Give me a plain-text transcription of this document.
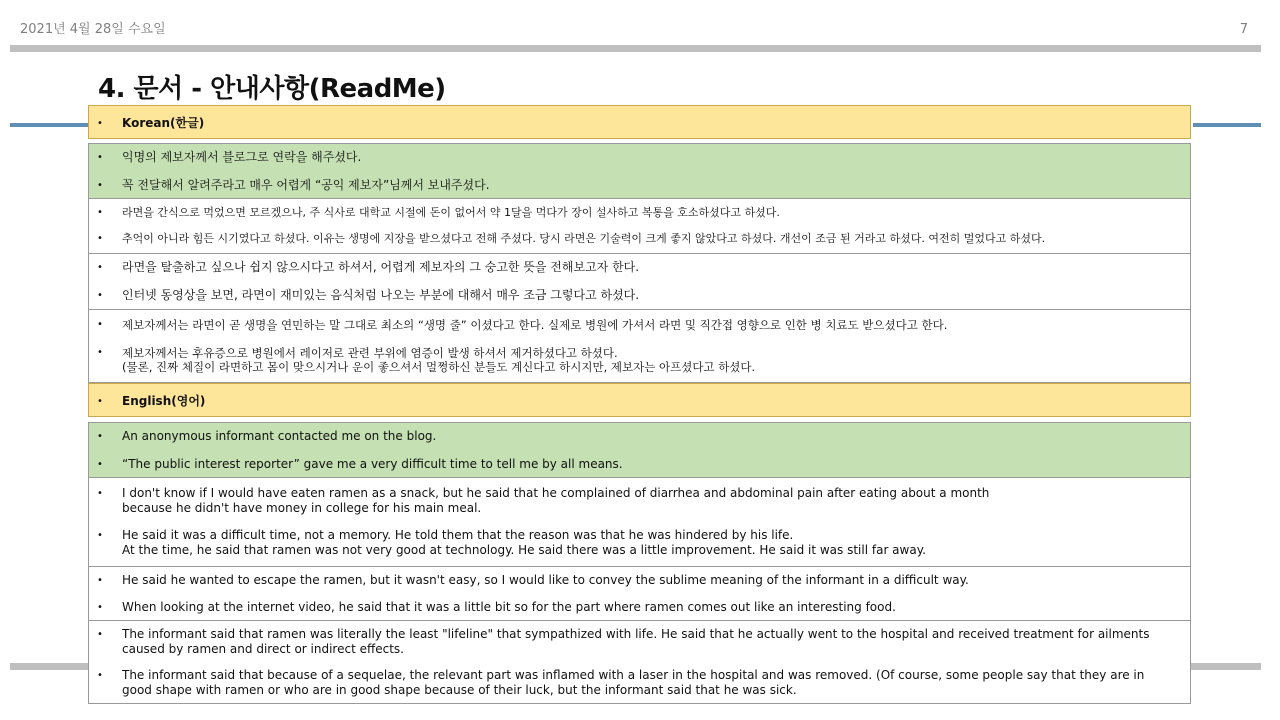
2021년 4월 28일 수요일	7
4. 문서 - 안내사항(ReadMe)
• Korean(한글)
• 익명의 제보자께서 블로그로 연락을 해주셨다.
• 꼭 전달해서 알려주라고 매우 어렵게 “공익 제보자”님께서 보내주셨다.
• 라면을 간식으로 먹었으면 모르겠으나, 주 식사로 대학교 시절에 돈이 없어서 약 1달을 먹다가 장이 설사하고 복통을 호소하셨다고 하셨다.
• 추억이 아니라 힘든 시기였다고 하셨다. 이유는 생명에 지장을 받으셨다고 전해 주셨다. 당시 라면은 기술력이 크게 좋지 않았다고 하셨다. 개선이 조금 된 거라고 하셨다. 여전히 멀었다고 하셨다.
• 라면을 탈출하고 싶으나 쉽지 않으시다고 하셔서, 어렵게 제보자의 그 숭고한 뜻을 전해보고자 한다.
• 인터넷 동영상을 보면, 라면이 재미있는 음식처럼 나오는 부분에 대해서 매우 조금 그렇다고 하셨다.
• 제보자께서는 라면이 곧 생명을 연민하는 말 그대로 최소의 “생명 줄” 이셨다고 한다. 실제로 병원에 가셔서 라면 및 직간접 영향으로 인한 병 치료도 받으셨다고 한다.
• 제보자께서는 후유증으로 병원에서 레이저로 관련 부위에 염증이 발생 하셔서 제거하셨다고 하셨다.
(물론, 진짜 체질이 라면하고 몸이 맞으시거나 운이 좋으셔서 멀쩡하신 분들도 계신다고 하시지만, 제보자는 아프셨다고 하셨다.
• English(영어)
• An anonymous informant contacted me on the blog.
• “The public interest reporter” gave me a very difficult time to tell me by all means.
• I don't know if I would have eaten ramen as a snack, but he said that he complained of diarrhea and abdominal pain after eating about a month
because he didn't have money in college for his main meal.
• He said it was a difficult time, not a memory. He told them that the reason was that he was hindered by his life.
At the time, he said that ramen was not very good at technology. He said there was a little improvement. He said it was still far away.
• He said he wanted to escape the ramen, but it wasn't easy, so I would like to convey the sublime meaning of the informant in a difficult way.
• When looking at the internet video, he said that it was a little bit so for the part where ramen comes out like an interesting food.
• The informant said that ramen was literally the least "lifeline" that sympathized with life. He said that he actually went to the hospital and received treatment for ailments
caused by ramen and direct or indirect effects.
• The informant said that because of a sequelae, the relevant part was inflamed with a laser in the hospital and was removed. (Of course, some people say that they are in
good shape with ramen or who are in good shape because of their luck, but the informant said that he was sick.
